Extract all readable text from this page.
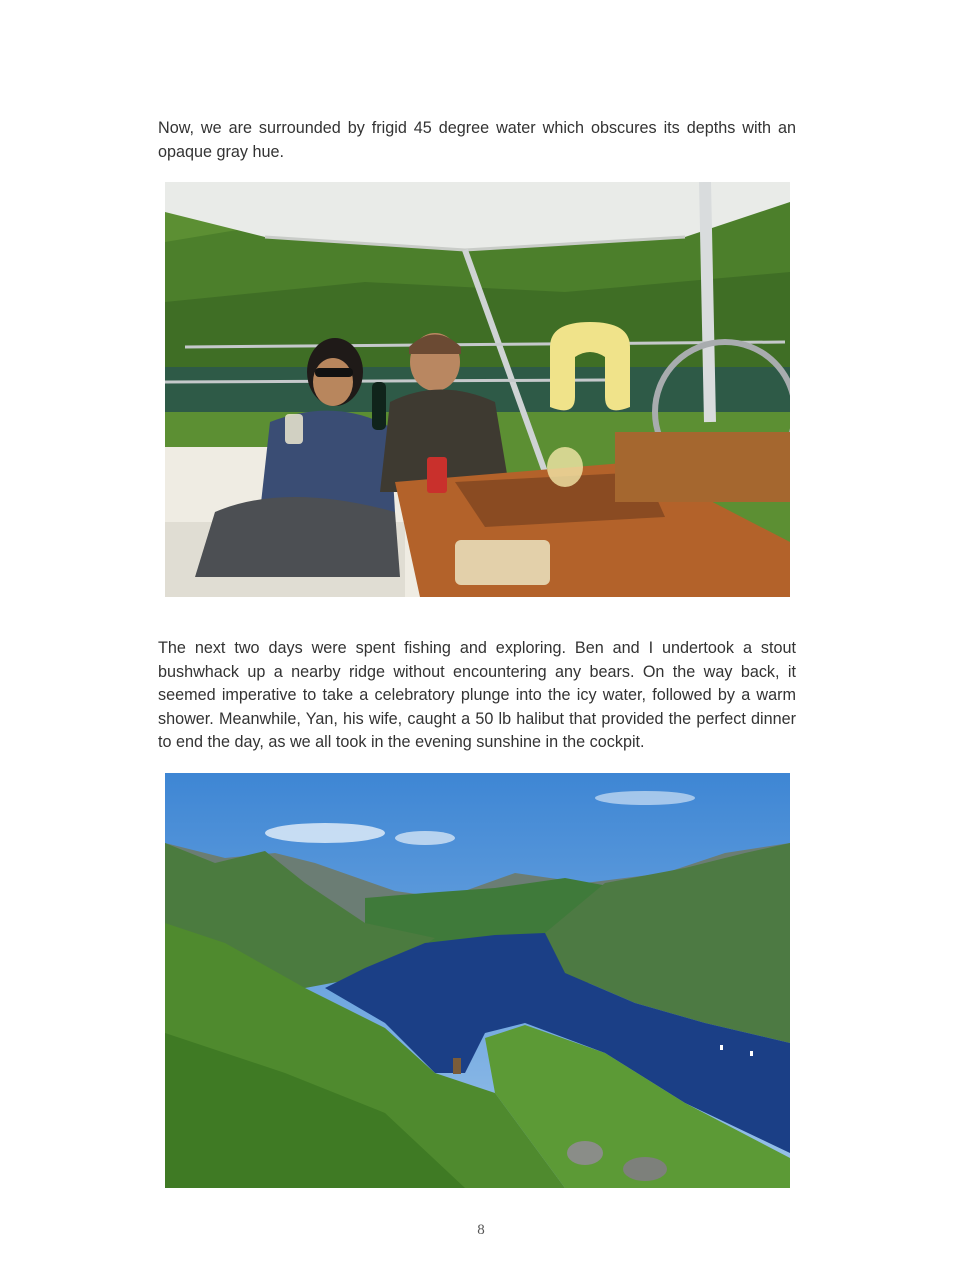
Now, we are surrounded by frigid 45 degree water which obscures its depths with an opaque gray hue.

The next two days were spent fishing and exploring. Ben and I undertook a stout bushwhack up a nearby ridge without encountering any bears. On the way back, it seemed imperative to take a celebratory plunge into the icy water, followed by a warm shower. Meanwhile, Yan, his wife, caught a 50 lb halibut that provided the perfect dinner to end the day, as we all took in the evening sunshine in the cockpit.

8
